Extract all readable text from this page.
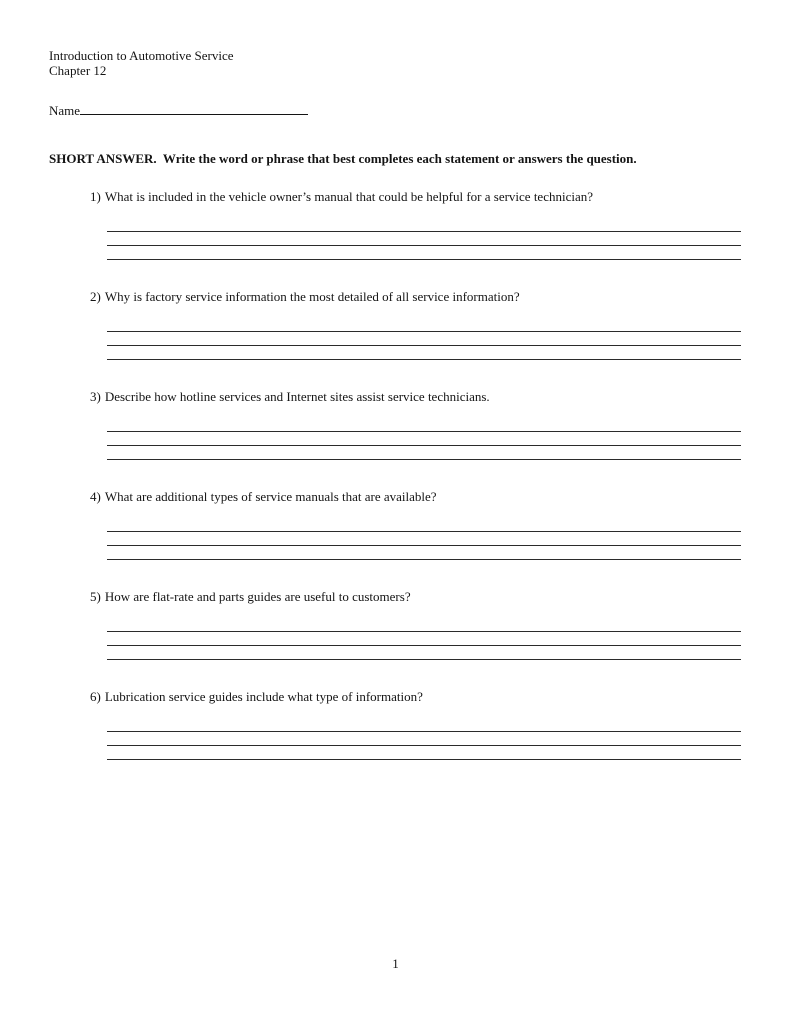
Introduction to Automotive Service
Chapter 12
Name
SHORT ANSWER.  Write the word or phrase that best completes each statement or answers the question.
1) What is included in the vehicle owner’s manual that could be helpful for a service technician?
2) Why is factory service information the most detailed of all service information?
3) Describe how hotline services and Internet sites assist service technicians.
4) What are additional types of service manuals that are available?
5) How are flat-rate and parts guides are useful to customers?
6) Lubrication service guides include what type of information?
1
